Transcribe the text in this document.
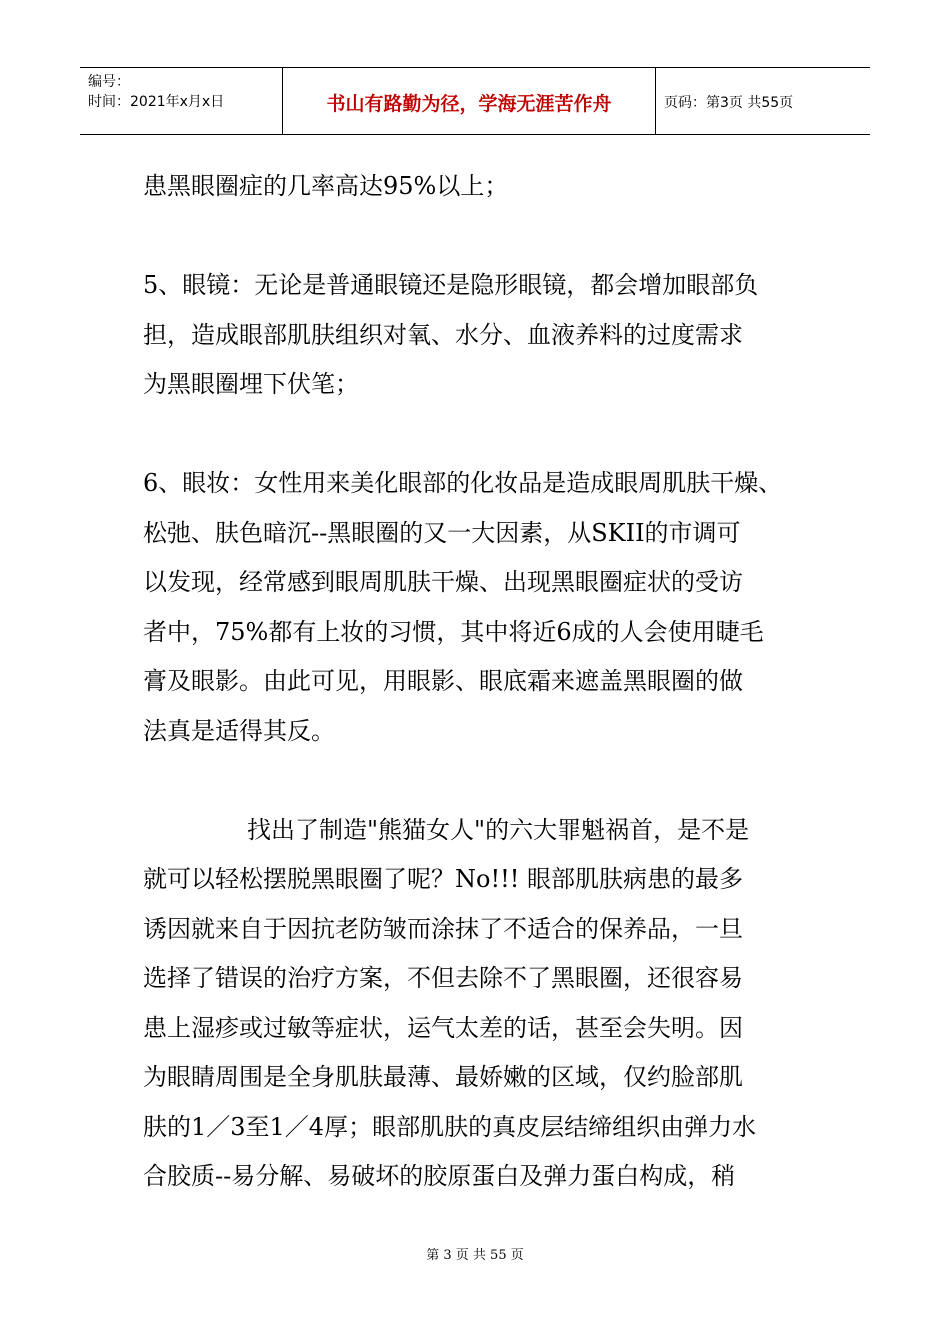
编号：
时间：2021年x月x日	书山有路勤为径，学海无涯苦作舟	页码：第3页 共55页
患黑眼圈症的几率高达95%以上；
5、眼镜：无论是普通眼镜还是隐形眼镜，都会增加眼部负
担，造成眼部肌肤组织对氧、水分、血液养料的过度需求
为黑眼圈埋下伏笔；
6、眼妆：女性用来美化眼部的化妆品是造成眼周肌肤干燥、
松弛、肤色暗沉--黑眼圈的又一大因素，从SKII的市调可
以发现，经常感到眼周肌肤干燥、出现黑眼圈症状的受访
者中，75%都有上妆的习惯，其中将近6成的人会使用睫毛
膏及眼影。由此可见，用眼影、眼底霜来遮盖黑眼圈的做
法真是适得其反。
找出了制造"熊猫女人"的六大罪魁祸首，是不是
就可以轻松摆脱黑眼圈了呢？No!!! 眼部肌肤病患的最多
诱因就来自于因抗老防皱而涂抹了不适合的保养品，一旦
选择了错误的治疗方案，不但去除不了黑眼圈，还很容易
患上湿疹或过敏等症状，运气太差的话，甚至会失明。因
为眼睛周围是全身肌肤最薄、最娇嫩的区域，仅约脸部肌
肤的1／3至1／4厚；眼部肌肤的真皮层结缔组织由弹力水
合胶质--易分解、易破坏的胶原蛋白及弹力蛋白构成，稍
第 3 页 共 55 页
